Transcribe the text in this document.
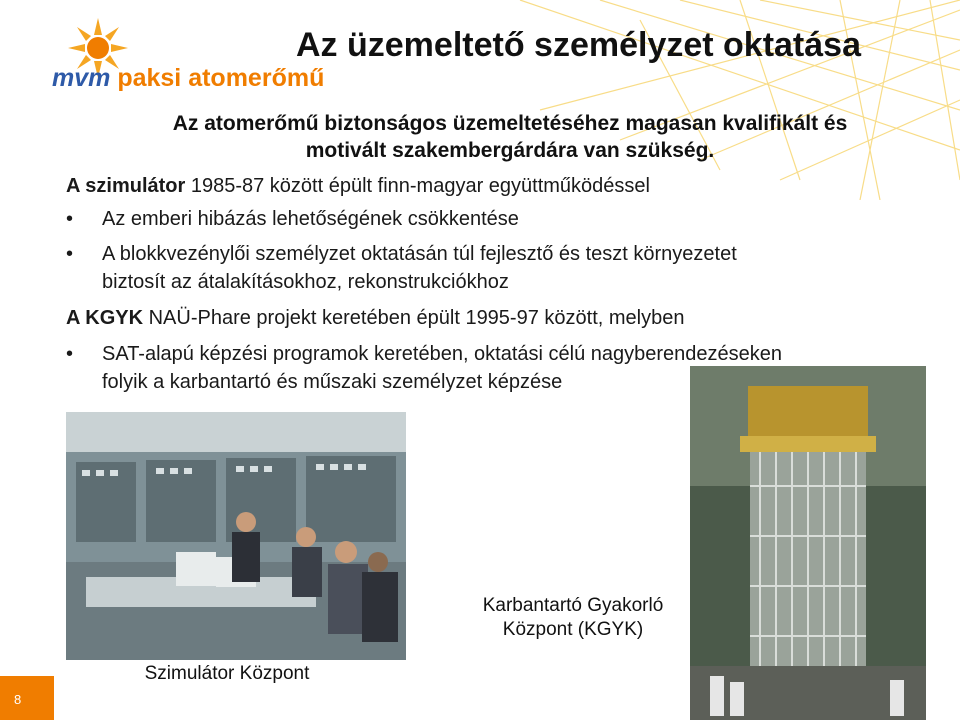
mvm paksi atomerőmű
Az üzemeltető személyzet oktatása
Az atomerőmű biztonságos üzemeltetéséhez magasan kvalifikált és
motivált szakembergárdára van szükség.
A szimulátor 1985-87 között épült finn-magyar együttműködéssel
• Az emberi hibázás lehetőségének csökkentése
• A blokkvezénylői személyzet oktatásán túl fejlesztő és teszt környezetet
biztosít az átalakításokhoz, rekonstrukciókhoz
A KGYK NAÜ-Phare projekt keretében épült 1995-97 között, melyben
• SAT-alapú képzési programok keretében, oktatási célú nagyberendezéseken
folyik a karbantartó és műszaki személyzet képzése
Szimulátor Központ
Karbantartó Gyakorló
Központ (KGYK)
8
